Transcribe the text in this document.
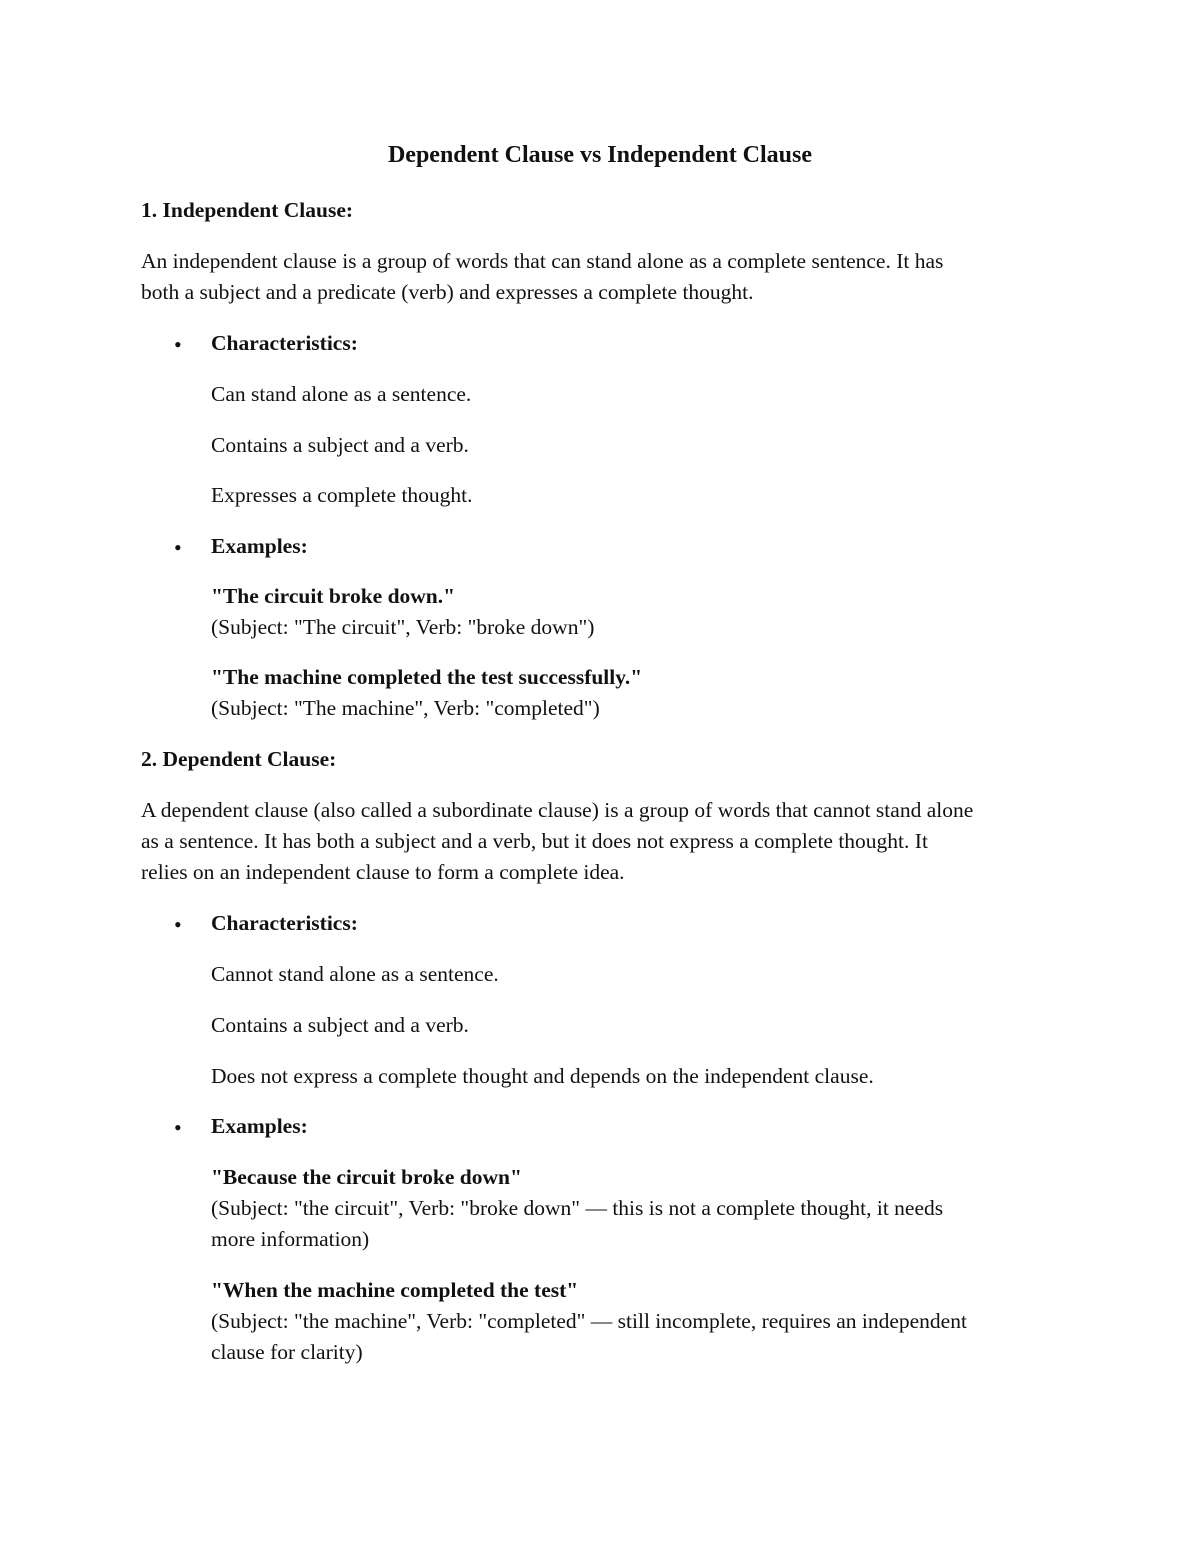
Dependent Clause vs Independent Clause
1. Independent Clause:
An independent clause is a group of words that can stand alone as a complete sentence. It has
both a subject and a predicate (verb) and expresses a complete thought.
• Characteristics:
Can stand alone as a sentence.
Contains a subject and a verb.
Expresses a complete thought.
• Examples:
"The circuit broke down."
(Subject: "The circuit", Verb: "broke down")
"The machine completed the test successfully."
(Subject: "The machine", Verb: "completed")
2. Dependent Clause:
A dependent clause (also called a subordinate clause) is a group of words that cannot stand alone
as a sentence. It has both a subject and a verb, but it does not express a complete thought. It
relies on an independent clause to form a complete idea.
• Characteristics:
Cannot stand alone as a sentence.
Contains a subject and a verb.
Does not express a complete thought and depends on the independent clause.
• Examples:
"Because the circuit broke down"
(Subject: "the circuit", Verb: "broke down" — this is not a complete thought, it needs
more information)
"When the machine completed the test"
(Subject: "the machine", Verb: "completed" — still incomplete, requires an independent
clause for clarity)
